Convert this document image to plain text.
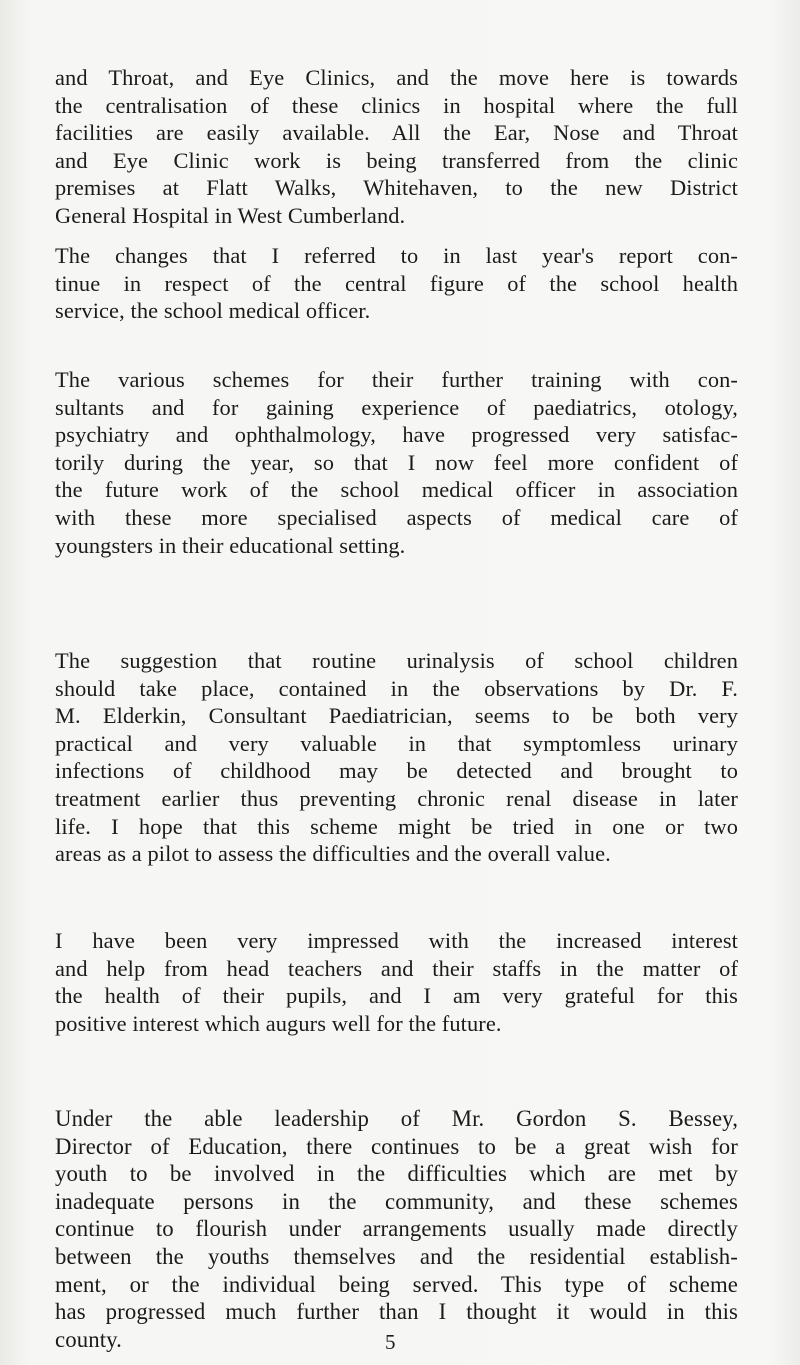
and Throat, and Eye Clinics, and the move here is towards
the centralisation of these clinics in hospital where the full
facilities are easily available. All the Ear, Nose and Throat
and Eye Clinic work is being transferred from the clinic
premises at Flatt Walks, Whitehaven, to the new District
General Hospital in West Cumberland.
The changes that I referred to in last year's report con-
tinue in respect of the central figure of the school health
service, the school medical officer.
The various schemes for their further training with con-
sultants and for gaining experience of paediatrics, otology,
psychiatry and ophthalmology, have progressed very satisfac-
torily during the year, so that I now feel more confident of
the future work of the school medical officer in association
with these more specialised aspects of medical care of
youngsters in their educational setting.
The suggestion that routine urinalysis of school children
should take place, contained in the observations by Dr. F.
M. Elderkin, Consultant Paediatrician, seems to be both very
practical and very valuable in that symptomless urinary
infections of childhood may be detected and brought to
treatment earlier thus preventing chronic renal disease in later
life. I hope that this scheme might be tried in one or two
areas as a pilot to assess the difficulties and the overall value.
I have been very impressed with the increased interest
and help from head teachers and their staffs in the matter of
the health of their pupils, and I am very grateful for this
positive interest which augurs well for the future.
Under the able leadership of Mr. Gordon S. Bessey,
Director of Education, there continues to be a great wish for
youth to be involved in the difficulties which are met by
inadequate persons in the community, and these schemes
continue to flourish under arrangements usually made directly
between the youths themselves and the residential establish-
ment, or the individual being served. This type of scheme
has progressed much further than I thought it would in this
county.	5
